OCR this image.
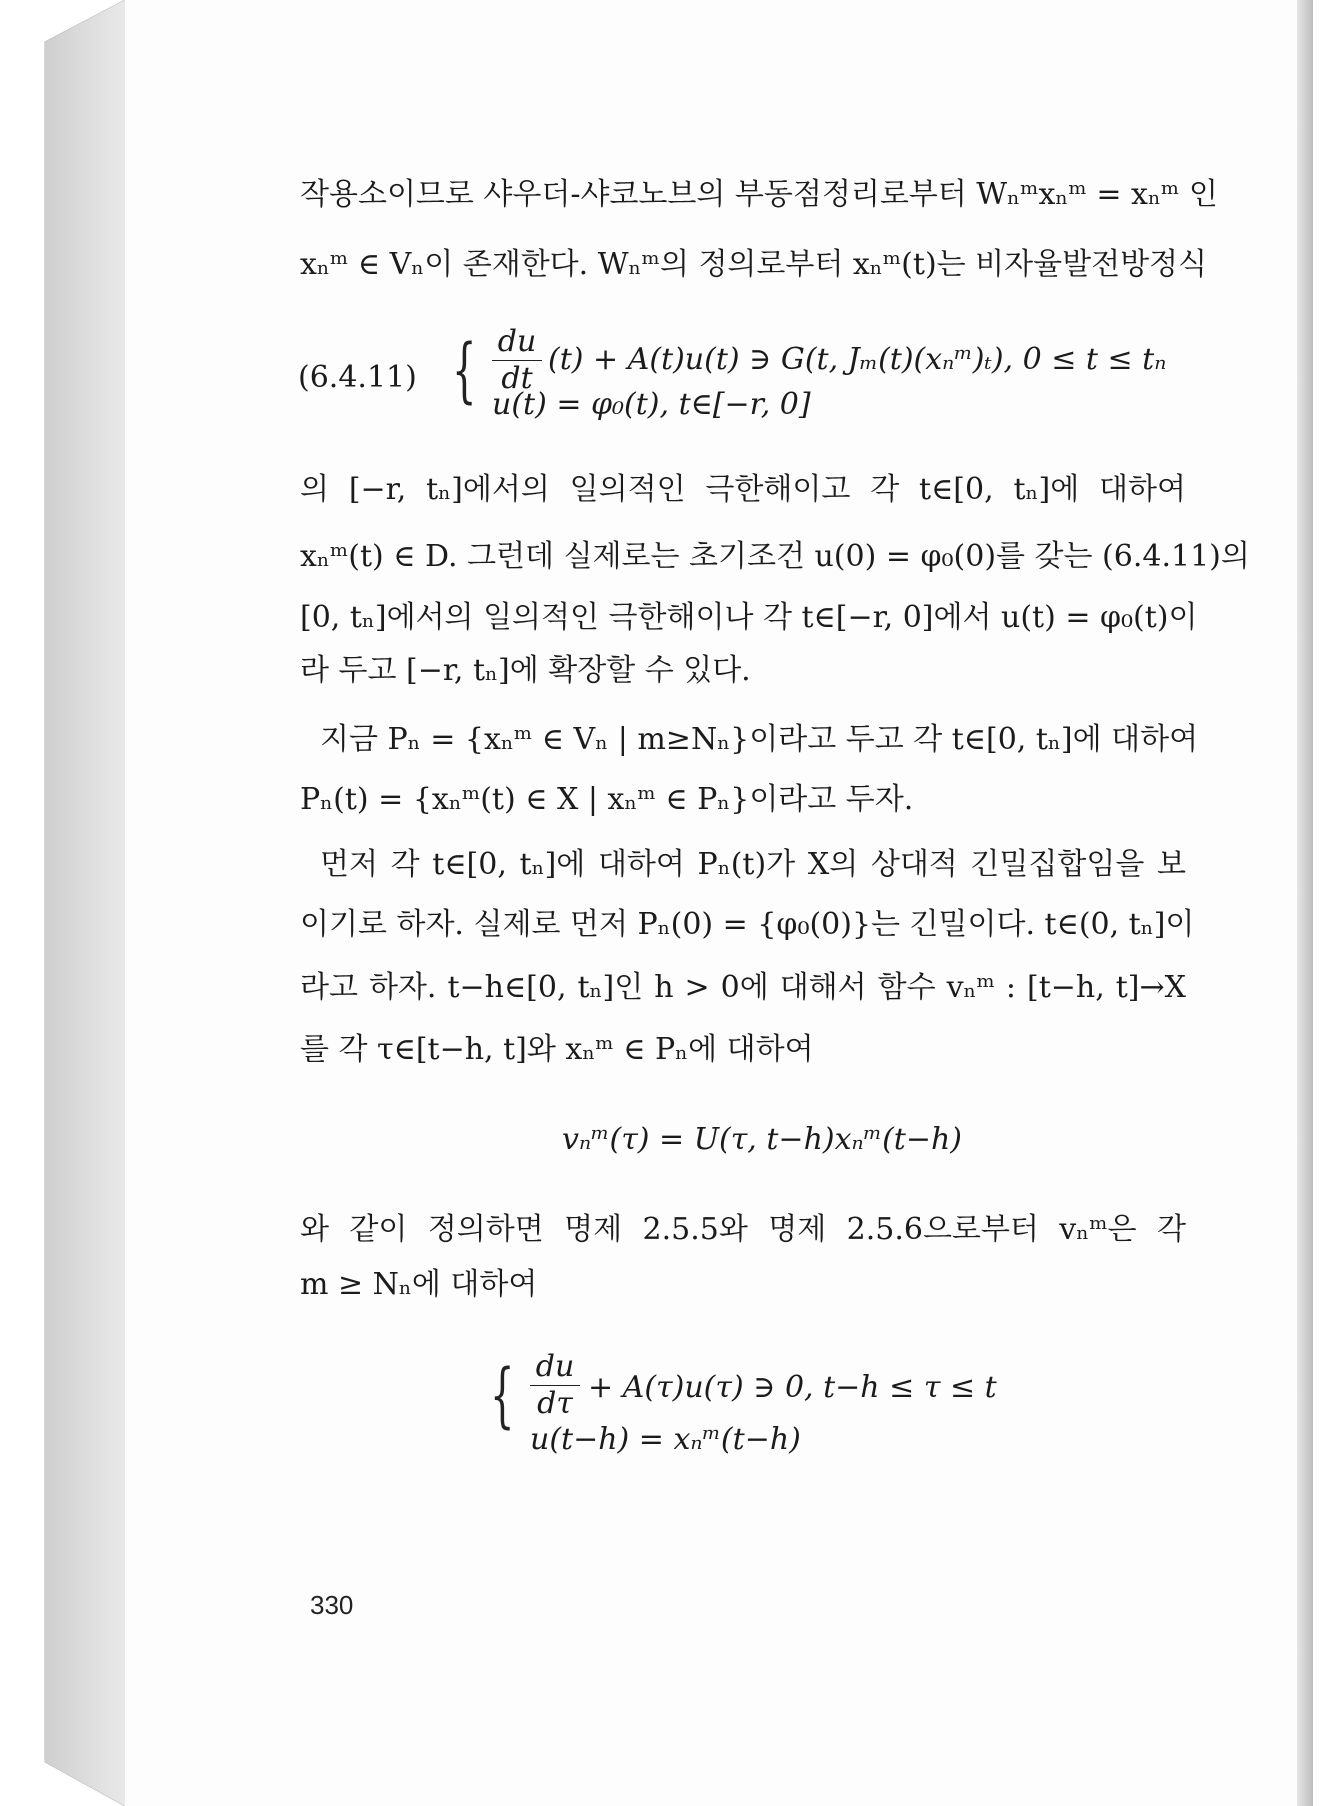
작용소이므로 샤우더-샤코노브의 부동점정리로부터 Wₙᵐxₙᵐ = xₙᵐ 인
xₙᵐ ∈ Vₙ이 존재한다. Wₙᵐ의 정의로부터 xₙᵐ(t)는 비자율발전방정식
(6.4.11) { du
dt
(t) + A(t)u(t) ∋ G(t, Jₘ(t)(xₙᵐ)ₜ), 0 ≤ t ≤ tₙ
u(t) = φ₀(t), t∈[−r, 0]
의 [−r, tₙ]에서의 일의적인 극한해이고 각 t∈[0, tₙ]에 대하여
xₙᵐ(t) ∈ D. 그런데 실제로는 초기조건 u(0) = φ₀(0)를 갖는 (6.4.11)의
[0, tₙ]에서의 일의적인 극한해이나 각 t∈[−r, 0]에서 u(t) = φ₀(t)이
라 두고 [−r, tₙ]에 확장할 수 있다.
지금 Pₙ = {xₙᵐ ∈ Vₙ | m≥Nₙ}이라고 두고 각 t∈[0, tₙ]에 대하여
Pₙ(t) = {xₙᵐ(t) ∈ X | xₙᵐ ∈ Pₙ}이라고 두자.
먼저 각 t∈[0, tₙ]에 대하여 Pₙ(t)가 X의 상대적 긴밀집합임을 보
이기로 하자. 실제로 먼저 Pₙ(0) = {φ₀(0)}는 긴밀이다. t∈(0, tₙ]이
라고 하자. t−h∈[0, tₙ]인 h > 0에 대해서 함수 vₙᵐ : [t−h, t]→X
를 각 τ∈[t−h, t]와 xₙᵐ ∈ Pₙ에 대하여
vₙᵐ(τ) = U(τ, t−h)xₙᵐ(t−h)
와 같이 정의하면 명제 2.5.5와 명제 2.5.6으로부터 vₙᵐ은 각
m ≥ Nₙ에 대하여
{ du
dτ + A(τ)u(τ) ∋ 0, t−h ≤ τ ≤ t
u(t−h) = xₙᵐ(t−h)
330
